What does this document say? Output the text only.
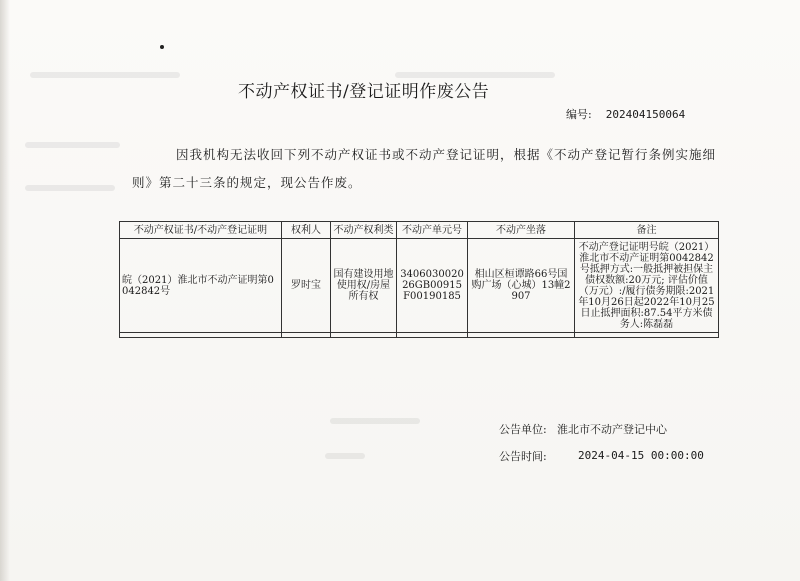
不动产权证书/登记证明作废公告
编号: 202404150064
因我机构无法收回下列不动产权证书或不动产登记证明，根据《不动产登记暂行条例实施细则》第二十三条的规定，现公告作废。
不动产权证书/不动产登记证明	权利人	不动产权利类	不动产单元号	不动产坐落	备注
皖（2021）淮北市不动产证明第0042842号	罗时宝	国有建设用地使用权/房屋所有权	340603002026GB00915F00190185	相山区桓谭路66号国购广场（心城）13幢2907	不动产登记证明号皖（2021）淮北市不动产证明第0042842号抵押方式:一般抵押被担保主债权数额:20万元; 评估价值（万元）:/履行债务期限:2021年10月26日起2022年10月25日止抵押面积:87.54平方米债务人:陈磊磊

公告单位: 淮北市不动产登记中心
公告时间:	2024-04-15 00:00:00
